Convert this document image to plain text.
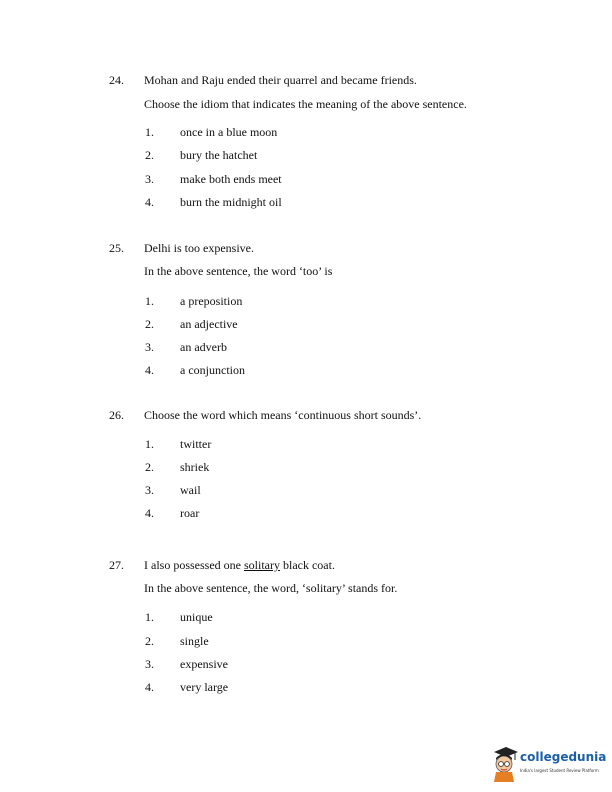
24. Mohan and Raju ended their quarrel and became friends.
Choose the idiom that indicates the meaning of the above sentence.
1. once in a blue moon
2. bury the hatchet
3. make both ends meet
4. burn the midnight oil
25. Delhi is too expensive.
In the above sentence, the word ‘too’ is
1. a preposition
2. an adjective
3. an adverb
4. a conjunction
26. Choose the word which means ‘continuous short sounds’.
1. twitter
2. shriek
3. wail
4. roar
27. I also possessed one solitary black coat.
In the above sentence, the word, ‘solitary’ stands for.
1. unique
2. single
3. expensive
4. very large
collegedunia
India's largest Student Review Platform
